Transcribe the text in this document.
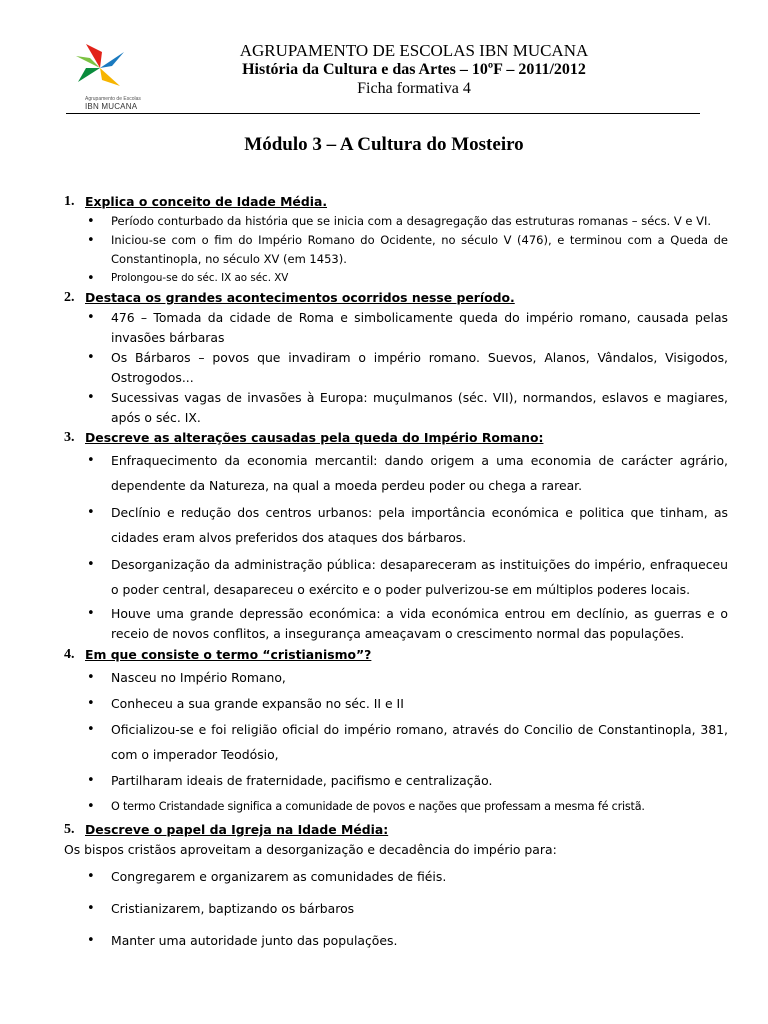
Agrupamento de Escolas
IBN MUCANA
AGRUPAMENTO DE ESCOLAS IBN MUCANA
História da Cultura e das Artes – 10ºF – 2011/2012
Ficha formativa 4
Módulo 3 – A Cultura do Mosteiro
1. Explica o conceito de Idade Média.
• Período conturbado da história que se inicia com a desagregação das estruturas romanas – sécs. V e VI.
• Iniciou-se com o fim do Império Romano do Ocidente, no século V (476), e terminou com a Queda de Constantinopla, no século XV (em 1453).
• Prolongou-se do séc. IX ao séc. XV
2. Destaca os grandes acontecimentos ocorridos nesse período.
• 476 – Tomada da cidade de Roma e simbolicamente queda do império romano, causada pelas invasões bárbaras
• Os Bárbaros – povos que invadiram o império romano. Suevos, Alanos, Vândalos, Visigodos, Ostrogodos...
• Sucessivas vagas de invasões à Europa: muçulmanos (séc. VII), normandos, eslavos e magiares, após o séc. IX.
3. Descreve as alterações causadas pela queda do Império Romano:
• Enfraquecimento da economia mercantil: dando origem a uma economia de carácter agrário, dependente da Natureza, na qual a moeda perdeu poder ou chega a rarear.
• Declínio e redução dos centros urbanos: pela importância económica e politica que tinham, as cidades eram alvos preferidos dos ataques dos bárbaros.
• Desorganização da administração pública: desapareceram as instituições do império, enfraqueceu o poder central, desapareceu o exército e o poder pulverizou-se em múltiplos poderes locais.
• Houve uma grande depressão económica: a vida económica entrou em declínio, as guerras e o receio de novos conflitos, a insegurança ameaçavam o crescimento normal das populações.
4. Em que consiste o termo “cristianismo”?
• Nasceu no Império Romano,
• Conheceu a sua grande expansão no séc. II e II
• Oficializou-se e foi religião oficial do império romano, através do Concilio de Constantinopla, 381, com o imperador Teodósio,
• Partilharam ideais de fraternidade, pacifismo e centralização.
• O termo Cristandade significa a comunidade de povos e nações que professam a mesma fé cristã.
5. Descreve o papel da Igreja na Idade Média:

Os bispos cristãos aproveitam a desorganização e decadência do império para:

• Congregarem e organizarem as comunidades de fiéis.
• Cristianizarem, baptizando os bárbaros
• Manter uma autoridade junto das populações.
